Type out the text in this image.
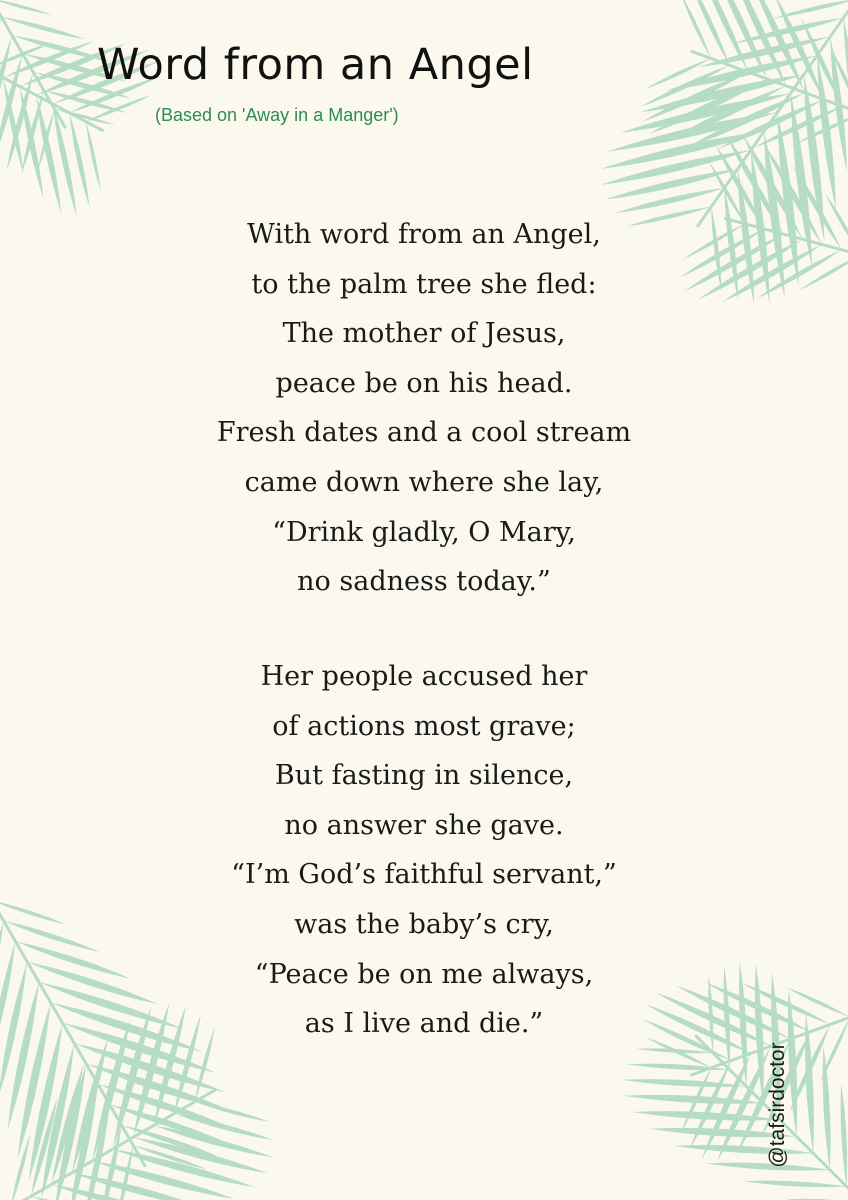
Word from an Angel
(Based on 'Away in a Manger')
With word from an Angel,
to the palm tree she fled:
The mother of Jesus,
peace be on his head.
Fresh dates and a cool stream
came down where she lay,
“Drink gladly, O Mary,
no sadness today.”
Her people accused her
of actions most grave;
But fasting in silence,
no answer she gave.
“I’m God’s faithful servant,”
was the baby’s cry,
“Peace be on me always,
as I live and die.”
@tafsirdoctor
